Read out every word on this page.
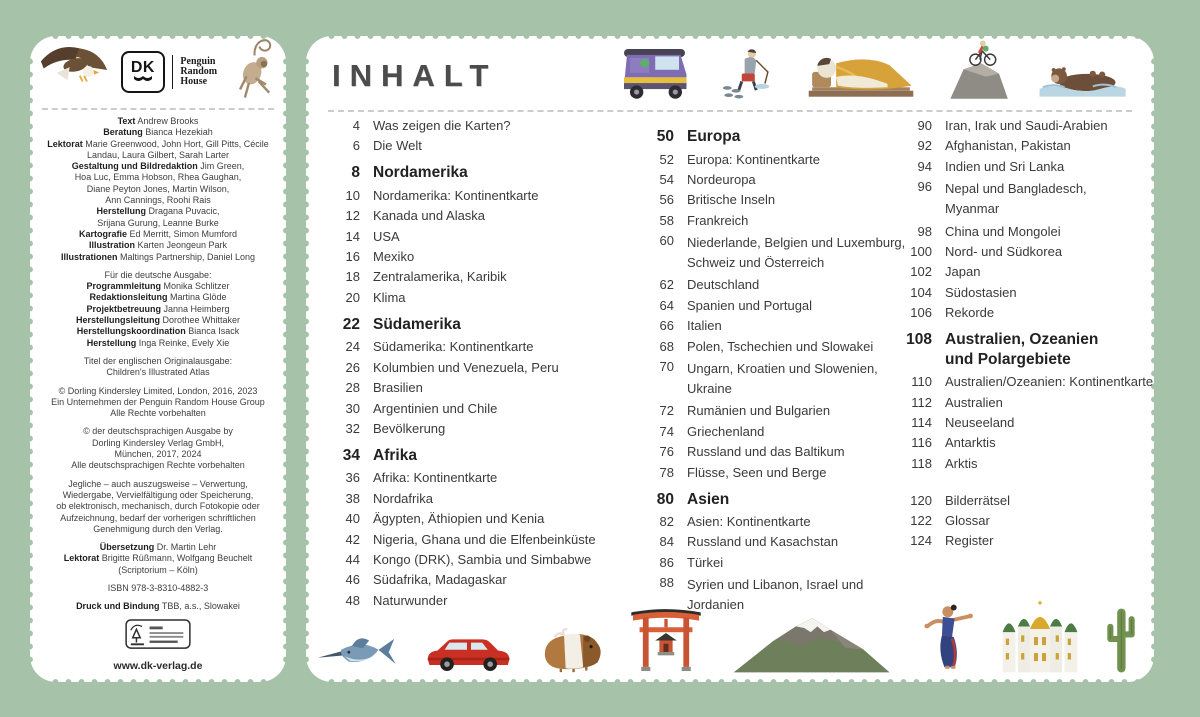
DK	Penguin
Random
House
Text Andrew Brooks
Beratung Bianca Hezekiah
Lektorat Marie Greenwood, John Hort, Gill Pitts, Cécile
Landau, Laura Gilbert, Sarah Larter
Gestaltung und Bildredaktion Jim Green,
Hoa Luc, Emma Hobson, Rhea Gaughan,
Diane Peyton Jones, Martin Wilson,
Ann Cannings, Roohi Rais
Herstellung Dragana Puvacic,
Srijana Gurung, Leanne Burke
Kartografie Ed Merritt, Simon Mumford
Illustration Karten Jeongeun Park
Illustrationen Maltings Partnership, Daniel Long
Für die deutsche Ausgabe:
Programmleitung Monika Schlitzer
Redaktionsleitung Martina Glöde
Projektbetreuung Janna Heimberg
Herstellungsleitung Dorothee Whittaker
Herstellungskoordination Bianca Isack
Herstellung Inga Reinke, Evely Xie
Titel der englischen Originalausgabe:
Children's Illustrated Atlas
© Dorling Kindersley Limited, London, 2016, 2023
Ein Unternehmen der Penguin Random House Group
Alle Rechte vorbehalten
© der deutschsprachigen Ausgabe by
Dorling Kindersley Verlag GmbH,
München, 2017, 2024
Alle deutschsprachigen Rechte vorbehalten
Jegliche – auch auszugsweise – Verwertung,
Wiedergabe, Vervielfältigung oder Speicherung,
ob elektronisch, mechanisch, durch Fotokopie oder
Aufzeichnung, bedarf der vorherigen schriftlichen
Genehmigung durch den Verlag.
Übersetzung Dr. Martin Lehr
Lektorat Brigitte Rüßmann, Wolfgang Beuchelt
(Scriptorium – Köln)
ISBN 978-3-8310-4882-3
Druck und Bindung TBB, a.s., Slowakei
www.dk-verlag.de
INHALT
4 Was zeigen die Karten?
6 Die Welt
8 Nordamerika
10 Nordamerika: Kontinentkarte
12 Kanada und Alaska
14 USA
16 Mexiko
18 Zentralamerika, Karibik
20 Klima
22 Südamerika
24 Südamerika: Kontinentkarte
26 Kolumbien und Venezuela, Peru
28 Brasilien
30 Argentinien und Chile
32 Bevölkerung
34 Afrika
36 Afrika: Kontinentkarte
38 Nordafrika
40 Ägypten, Äthiopien und Kenia
42 Nigeria, Ghana und die Elfenbeinküste
44 Kongo (DRK), Sambia und Simbabwe
46 Südafrika, Madagaskar
48 Naturwunder
50 Europa
52 Europa: Kontinentkarte
54 Nordeuropa
56 Britische Inseln
58 Frankreich
60 Niederlande, Belgien und Luxemburg,
Schweiz und Österreich
62 Deutschland
64 Spanien und Portugal
66 Italien
68 Polen, Tschechien und Slowakei
70 Ungarn, Kroatien und Slowenien,
Ukraine
72 Rumänien und Bulgarien
74 Griechenland
76 Russland und das Baltikum
78 Flüsse, Seen und Berge
80 Asien
82 Asien: Kontinentkarte
84 Russland und Kasachstan
86 Türkei
88 Syrien und Libanon, Israel und
Jordanien
90 Iran, Irak und Saudi-Arabien
92 Afghanistan, Pakistan
94 Indien und Sri Lanka
96 Nepal und Bangladesch,
Myanmar
98 China und Mongolei
100 Nord- und Südkorea
102 Japan
104 Südostasien
106 Rekorde
108 Australien, Ozeanien
und Polargebiete
110 Australien/Ozeanien: Kontinentkarte
112 Australien
114 Neuseeland
116 Antarktis
118 Arktis
120 Bilderrätsel
122 Glossar
124 Register
